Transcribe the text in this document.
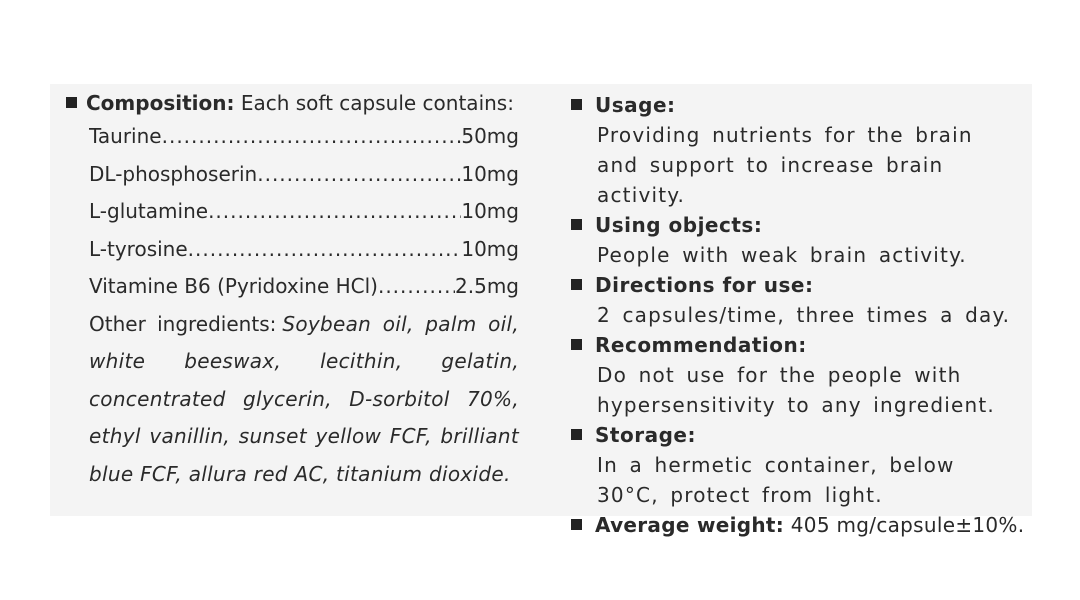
Composition: Each soft capsule contains:
Taurine .....	50mg
DL-phosphoserin .....	10mg
L-glutamine .....	10mg
L-tyrosine .....	10mg
Vitamine B6 (Pyridoxine HCl) .....	2.5mg
Other ingredients: Soybean oil, palm oil, white beeswax, lecithin, gelatin, concentrated glycerin, D-sorbitol 70%, ethyl vanillin, sunset yellow FCF, brilliant blue FCF, allura red AC, titanium dioxide.
Usage:
Providing nutrients for the brain and support to increase brain activity.
Using objects:
People with weak brain activity.
Directions for use:
2 capsules/time, three times a day.
Recommendation:
Do not use for the people with hypersensitivity to any ingredient.
Storage:
In a hermetic container, below 30°C, protect from light.
Average weight: 405 mg/capsule±10%.
